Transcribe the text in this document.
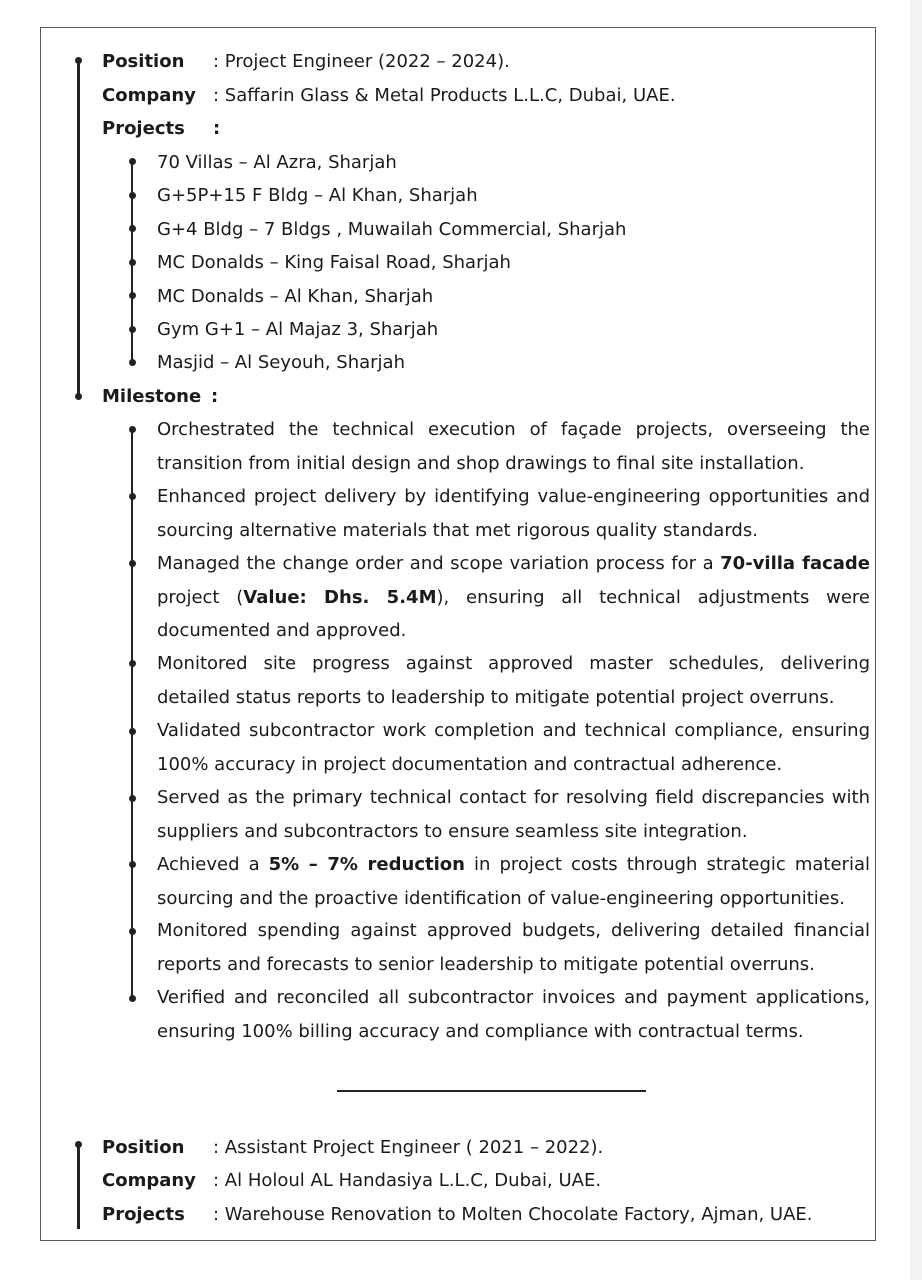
Position : Project Engineer (2022 – 2024).
Company : Saffarin Glass & Metal Products L.L.C, Dubai, UAE.
Projects :
70 Villas – Al Azra, Sharjah
G+5P+15 F Bldg – Al Khan, Sharjah
G+4 Bldg – 7 Bldgs , Muwailah Commercial, Sharjah
MC Donalds – King Faisal Road, Sharjah
MC Donalds – Al Khan, Sharjah
Gym G+1 – Al Majaz 3, Sharjah
Masjid – Al Seyouh, Sharjah
Milestone :
Orchestrated the technical execution of façade projects, overseeing the transition from initial design and shop drawings to final site installation.
Enhanced project delivery by identifying value-engineering opportunities and sourcing alternative materials that met rigorous quality standards.
Managed the change order and scope variation process for a 70-villa facade project (Value: Dhs. 5.4M), ensuring all technical adjustments were documented and approved.
Monitored site progress against approved master schedules, delivering detailed status reports to leadership to mitigate potential project overruns.
Validated subcontractor work completion and technical compliance, ensuring 100% accuracy in project documentation and contractual adherence.
Served as the primary technical contact for resolving field discrepancies with suppliers and subcontractors to ensure seamless site integration.
Achieved a 5% – 7% reduction in project costs through strategic material sourcing and the proactive identification of value-engineering opportunities.
Monitored spending against approved budgets, delivering detailed financial reports and forecasts to senior leadership to mitigate potential overruns.
Verified and reconciled all subcontractor invoices and payment applications, ensuring 100% billing accuracy and compliance with contractual terms.
Position : Assistant Project Engineer ( 2021 – 2022).
Company : Al Holoul AL Handasiya L.L.C, Dubai, UAE.
Projects : Warehouse Renovation to Molten Chocolate Factory, Ajman, UAE.
